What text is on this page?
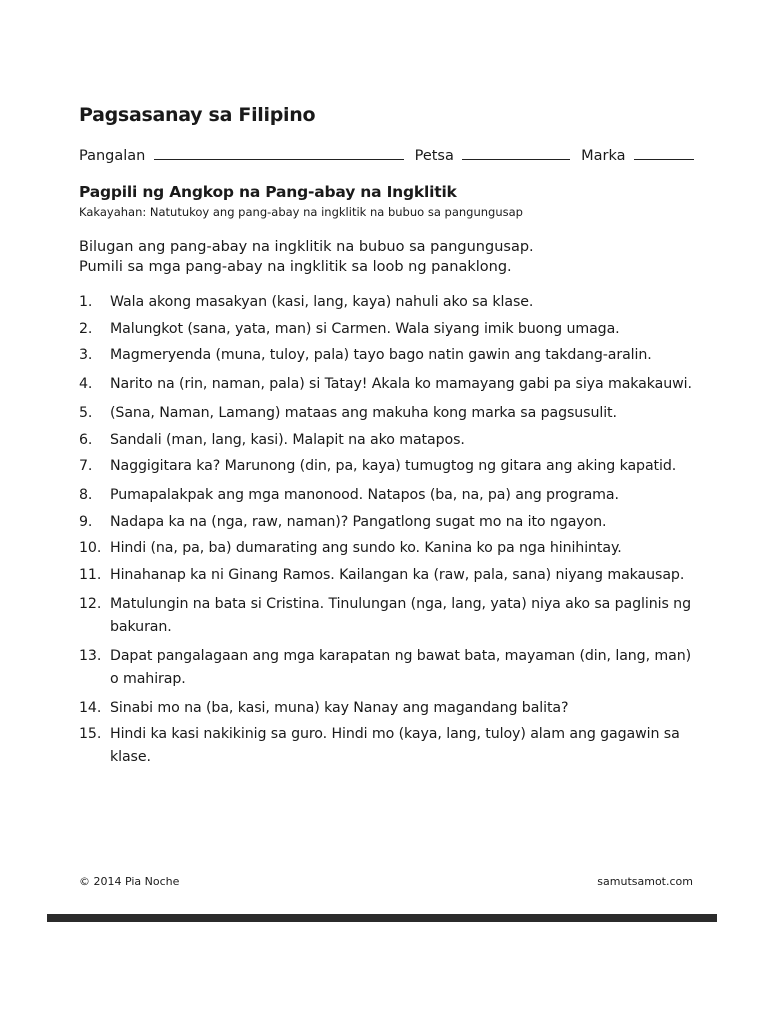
Pagsasanay sa Filipino
Pangalan	Petsa	Marka
Pagpili ng Angkop na Pang-abay na Ingklitik
Kakayahan: Natutukoy ang pang-abay na ingklitik na bubuo sa pangungusap
Bilugan ang pang-abay na ingklitik na bubuo sa pangungusap.
Pumili sa mga pang-abay na ingklitik sa loob ng panaklong.
1. Wala akong masakyan (kasi, lang, kaya) nahuli ako sa klase.
2. Malungkot (sana, yata, man) si Carmen. Wala siyang imik buong umaga.
3. Magmeryenda (muna, tuloy, pala) tayo bago natin gawin ang takdang-aralin.
4. Narito na (rin, naman, pala) si Tatay! Akala ko mamayang gabi pa siya makakauwi.
5. (Sana, Naman, Lamang) mataas ang makuha kong marka sa pagsusulit.
6. Sandali (man, lang, kasi). Malapit na ako matapos.
7. Naggigitara ka? Marunong (din, pa, kaya) tumugtog ng gitara ang aking kapatid.
8. Pumapalakpak ang mga manonood. Natapos (ba, na, pa) ang programa.
9. Nadapa ka na (nga, raw, naman)? Pangatlong sugat mo na ito ngayon.
10. Hindi (na, pa, ba) dumarating ang sundo ko. Kanina ko pa nga hinihintay.
11. Hinahanap ka ni Ginang Ramos. Kailangan ka (raw, pala, sana) niyang makausap.
12. Matulungin na bata si Cristina. Tinulungan (nga, lang, yata) niya ako sa paglinis ng bakuran.
13. Dapat pangalagaan ang mga karapatan ng bawat bata, mayaman (din, lang, man) o mahirap.
14. Sinabi mo na (ba, kasi, muna) kay Nanay ang magandang balita?
15. Hindi ka kasi nakikinig sa guro. Hindi mo (kaya, lang, tuloy) alam ang gagawin sa klase.
© 2014 Pia Noche	samutsamot.com
